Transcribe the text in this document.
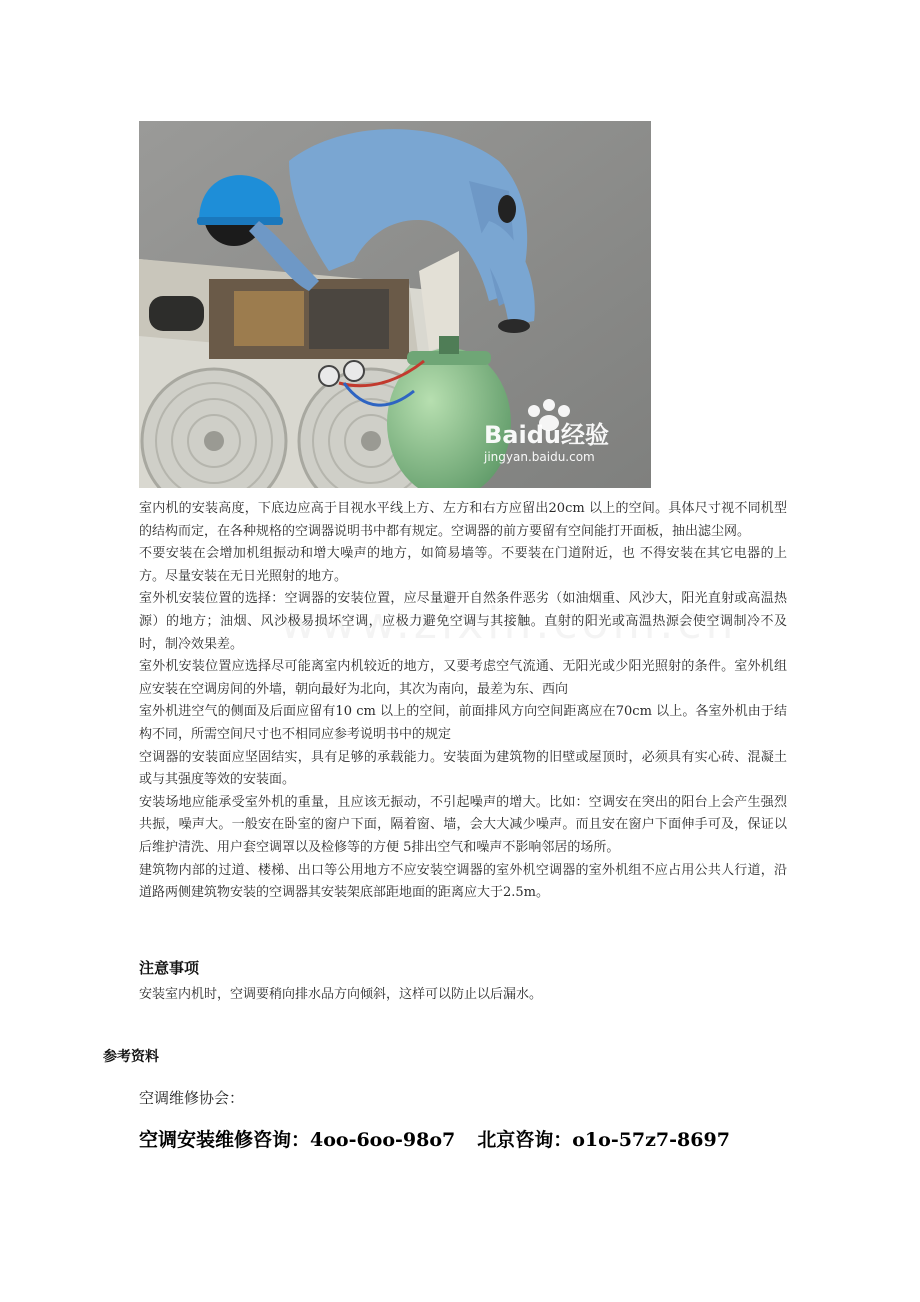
Baidu经验
jingyan.baidu.com

室内机的安装高度，下底边应高于目视水平线上方、左方和右方应留出20cm 以上的空间。具体尺寸视不同机型的结构而定，在各种规格的空调器说明书中都有规定。空调器的前方要留有空间能打开面板，抽出滤尘网。

不要安装在会增加机组振动和增大噪声的地方，如简易墙等。不要装在门道附近，也 不得安装在其它电器的上方。尽量安装在无日光照射的地方。

室外机安装位置的选择：空调器的安装位置，应尽量避开自然条件恶劣（如油烟重、风沙大，阳光直射或高温热源）的地方；油烟、风沙极易损坏空调，应极力避免空调与其接触。直射的阳光或高温热源会使空调制冷不及时，制冷效果差。

室外机安装位置应选择尽可能离室内机较近的地方，又要考虑空气流通、无阳光或少阳光照射的条件。室外机组应安装在空调房间的外墙，朝向最好为北向，其次为南向，最差为东、西向

室外机进空气的侧面及后面应留有10 cm 以上的空间，前面排风方向空间距离应在70cm 以上。各室外机由于结构不同，所需空间尺寸也不相同应参考说明书中的规定

空调器的安装面应坚固结实，具有足够的承载能力。安装面为建筑物的旧壁或屋顶时，必须具有实心砖、混凝土或与其强度等效的安装面。

安装场地应能承受室外机的重量，且应该无振动，不引起噪声的增大。比如：空调安在突出的阳台上会产生强烈共振，噪声大。一般安在卧室的窗户下面，隔着窗、墙，会大大减少噪声。而且安在窗户下面伸手可及，保证以后维护清洗、用户套空调罩以及检修等的方便 5排出空气和噪声不影响邻居的场所。

建筑物内部的过道、楼梯、出口等公用地方不应安装空调器的室外机空调器的室外机组不应占用公共人行道，沿道路两侧建筑物安装的空调器其安装架底部距地面的距离应大于2.5m。

注意事项
安装室内机时，空调要稍向排水品方向倾斜，这样可以防止以后漏水。
参考资料
空调维修协会：
空调安装维修咨询：4oo-6oo-98o7 北京咨询：o1o-57z7-8697
